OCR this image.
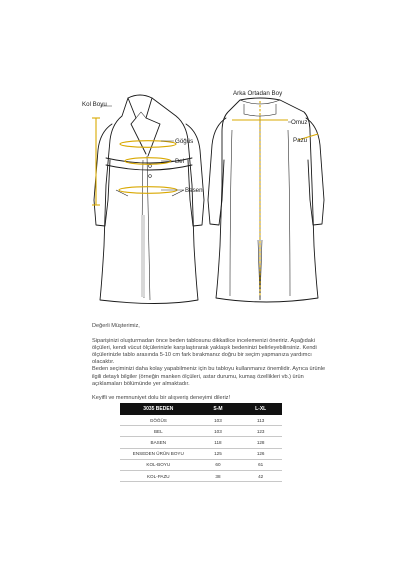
Kol Boyu
Göğüs
Bel
Basen
Arka Ortadan Boy
Omuz
Pazu

Değerli Müşterimiz,

Siparişinizi oluşturmadan önce beden tablosunu dikkatlice incelemenizi öneririz. Aşağıdaki ölçüleri, kendi vücut ölçülerinizle karşılaştırarak yaklaşık bedeninizi belirleyebilirsiniz. Kendi ölçülerinizle tablo arasında 5-10 cm fark bırakmanız doğru bir seçim yapmanıza yardımcı olacaktır.

Beden seçiminizi daha kolay yapabilmeniz için bu tabloyu kullanmanız önemlidir. Ayrıca ürünle ilgili detaylı bilgiler (örneğin manken ölçüleri, astar durumu, kumaş özellikleri vb.) ürün açıklamaları bölümünde yer almaktadır.

Keyifli ve memnuniyet dolu bir alışveriş deneyimi dileriz!

3035 BEDEN	S-M	L-XL
GÖĞÜS	103	113
BEL	103	123
BASEN	118	128
ENSEDEN ÜRÜN BOYU	125	126
KOL-BOYU	60	61
KOL-PAZU	38	42
